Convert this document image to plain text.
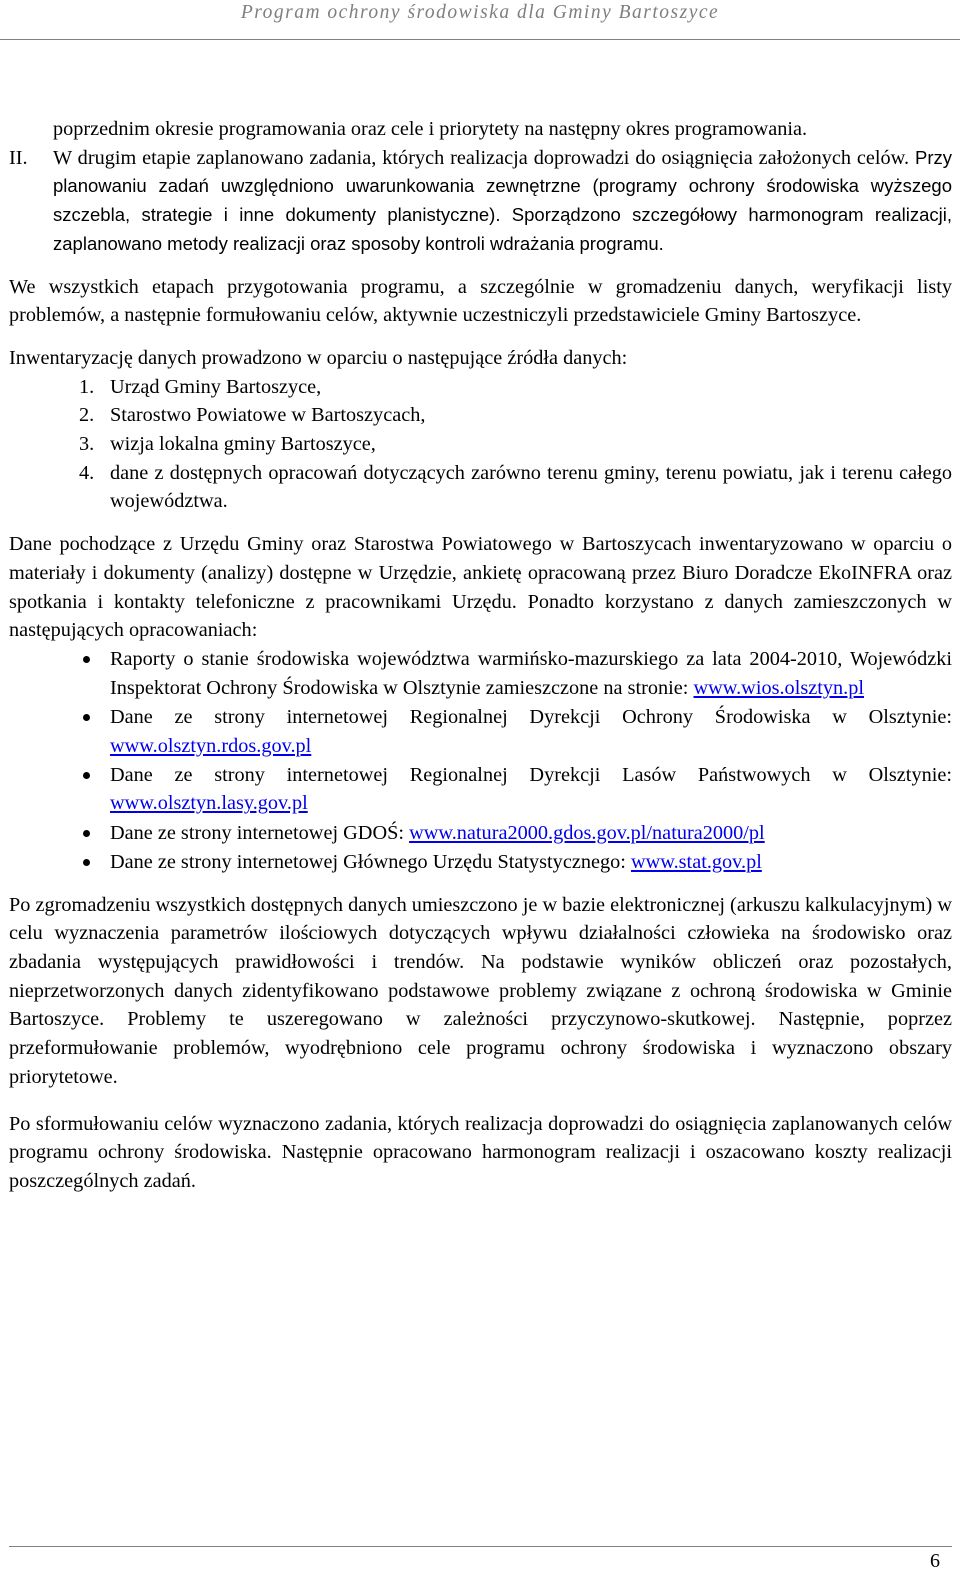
Program ochrony środowiska dla Gminy Bartoszyce
poprzednim okresie programowania oraz cele i priorytety na następny okres programowania.
II. W drugim etapie zaplanowano zadania, których realizacja doprowadzi do osiągnięcia założonych celów. Przy planowaniu zadań uwzględniono uwarunkowania zewnętrzne (programy ochrony środowiska wyższego szczebla, strategie i inne dokumenty planistyczne). Sporządzono szczegółowy harmonogram realizacji, zaplanowano metody realizacji oraz sposoby kontroli wdrażania programu.

We wszystkich etapach przygotowania programu, a szczególnie w gromadzeniu danych, weryfikacji listy problemów, a następnie formułowaniu celów, aktywnie uczestniczyli przedstawiciele Gminy Bartoszyce.

Inwentaryzację danych prowadzono w oparciu o następujące źródła danych:

1. Urząd Gminy Bartoszyce,
2. Starostwo Powiatowe w Bartoszycach,
3. wizja lokalna gminy Bartoszyce,
4. dane z dostępnych opracowań dotyczących zarówno terenu gminy, terenu powiatu, jak i terenu całego województwa.

Dane pochodzące z Urzędu Gminy oraz Starostwa Powiatowego w Bartoszycach inwentaryzowano w oparciu o materiały i dokumenty (analizy) dostępne w Urzędzie, ankietę opracowaną przez Biuro Doradcze EkoINFRA oraz spotkania i kontakty telefoniczne z pracownikami Urzędu. Ponadto korzystano z danych zamieszczonych w następujących opracowaniach:

Raporty o stanie środowiska województwa warmińsko-mazurskiego za lata 2004-2010, Wojewódzki Inspektorat Ochrony Środowiska w Olsztynie zamieszczone na stronie: www.wios.olsztyn.pl
Dane ze strony internetowej Regionalnej Dyrekcji Ochrony Środowiska w Olsztynie: www.olsztyn.rdos.gov.pl
Dane ze strony internetowej Regionalnej Dyrekcji Lasów Państwowych w Olsztynie: www.olsztyn.lasy.gov.pl
Dane ze strony internetowej GDOŚ: www.natura2000.gdos.gov.pl/natura2000/pl
Dane ze strony internetowej Głównego Urzędu Statystycznego: www.stat.gov.pl

Po zgromadzeniu wszystkich dostępnych danych umieszczono je w bazie elektronicznej (arkuszu kalkulacyjnym) w celu wyznaczenia parametrów ilościowych dotyczących wpływu działalności człowieka na środowisko oraz zbadania występujących prawidłowości i trendów. Na podstawie wyników obliczeń oraz pozostałych, nieprzetworzonych danych zidentyfikowano podstawowe problemy związane z ochroną środowiska w Gminie Bartoszyce. Problemy te uszeregowano w zależności przyczynowo-skutkowej. Następnie, poprzez przeformułowanie problemów, wyodrębniono cele programu ochrony środowiska i wyznaczono obszary priorytetowe.

Po sformułowaniu celów wyznaczono zadania, których realizacja doprowadzi do osiągnięcia zaplanowanych celów programu ochrony środowiska. Następnie opracowano harmonogram realizacji i oszacowano koszty realizacji poszczególnych zadań.

6
